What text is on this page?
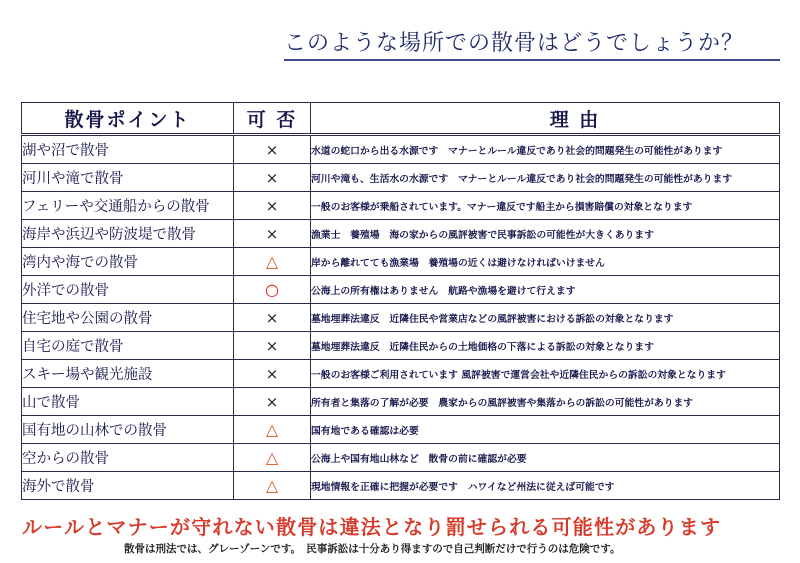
このような場所での散骨はどうでしょうか？
散骨ポイント	可 否	理 由
湖や沼で散骨	×	水道の蛇口から出る水源です　マナーとルール違反であり社会的問題発生の可能性があります
河川や滝で散骨	×	河川や滝も、生活水の水源です　マナーとルール違反であり社会的問題発生の可能性があります
フェリーや交通船からの散骨	×	一般のお客様が乗船されています。マナー違反です船主から損害賠償の対象となります
海岸や浜辺や防波堤で散骨	×	漁業士　養殖場　海の家からの風評被害で民事訴訟の可能性が大きくあります
湾内や海での散骨	△	岸から離れてても漁業場　養殖場の近くは避けなければいけません
外洋での散骨	○	公海上の所有権はありません　航路や漁場を避けて行えます
住宅地や公園の散骨	×	墓地埋葬法違反　近隣住民や営業店などの風評被害における訴訟の対象となります
自宅の庭で散骨	×	墓地埋葬法違反　近隣住民からの土地価格の下落による訴訟の対象となります
スキー場や観光施設	×	一般のお客様ご利用されています 風評被害で運営会社や近隣住民からの訴訟の対象となります
山で散骨	×	所有者と集落の了解が必要　農家からの風評被害や集落からの訴訟の可能性があります
国有地の山林での散骨	△	国有地である確認は必要
空からの散骨	△	公海上や国有地山林など　散骨の前に確認が必要
海外で散骨	△	現地情報を正確に把握が必要です　ハワイなど州法に従えば可能です
ルールとマナーが守れない散骨は違法となり罰せられる可能性があります
散骨は刑法では、グレーゾーンです。　民事訴訟は十分あり得ますので自己判断だけで行うのは危険です。
